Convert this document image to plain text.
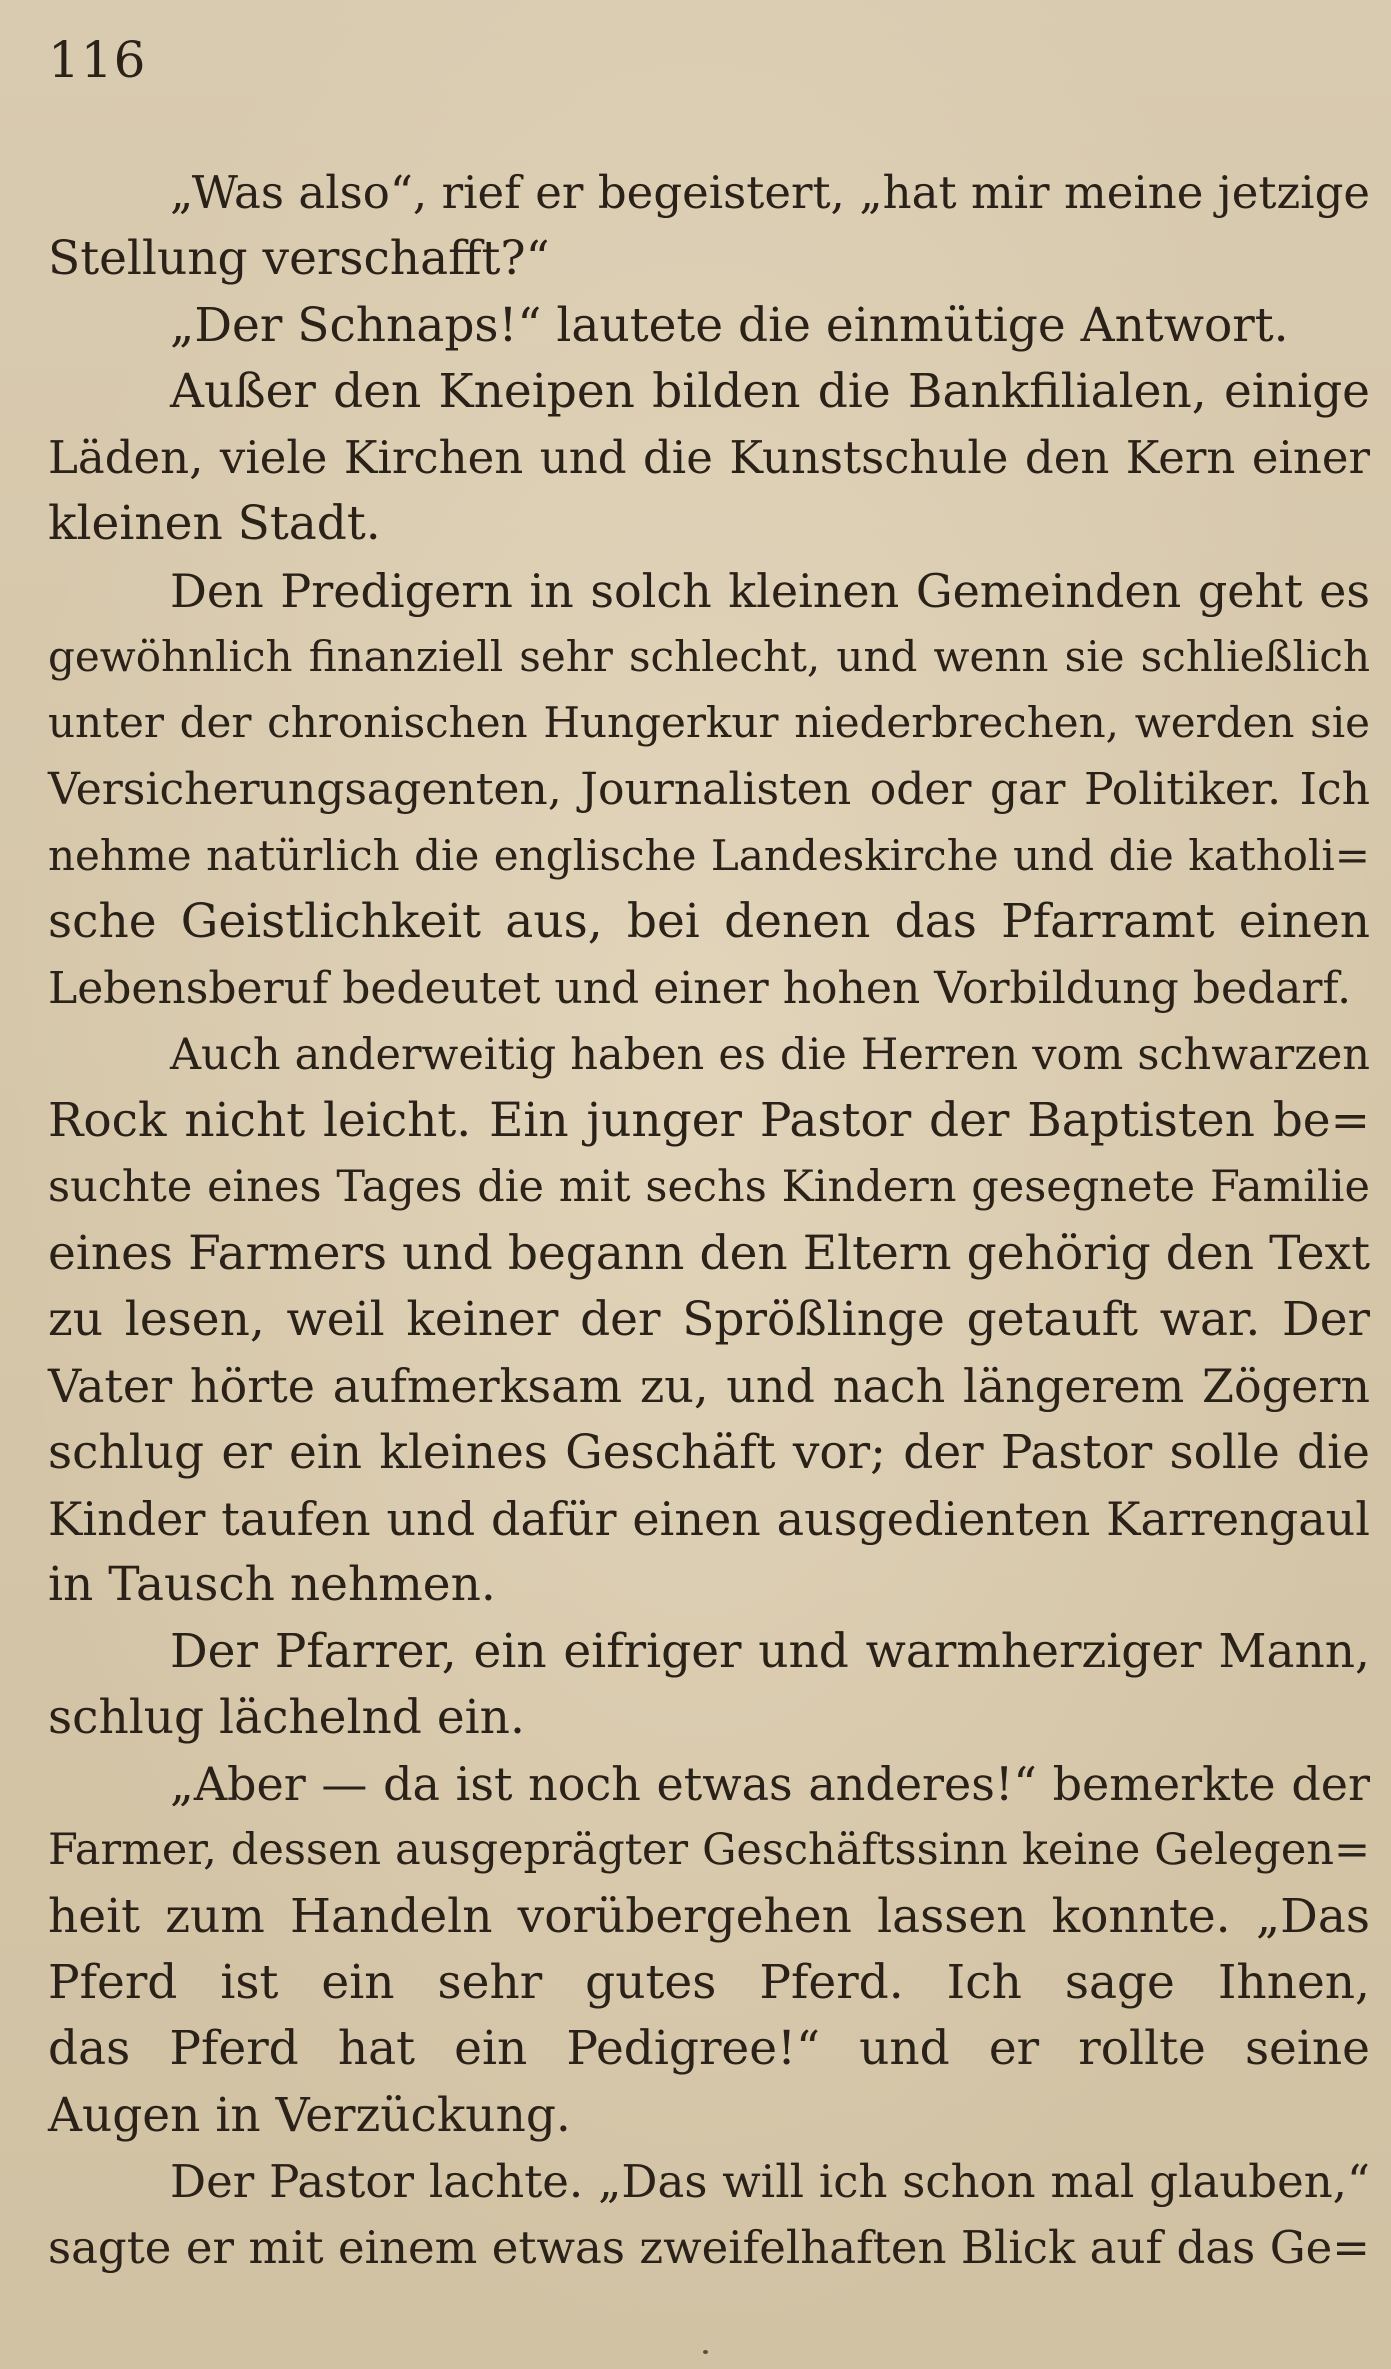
116
„Was also“, rief er begeistert, „hat mir meine jetzige
Stellung verschafft?“
„Der Schnaps!“ lautete die einmütige Antwort.
Außer den Kneipen bilden die Bankfilialen, einige
Läden, viele Kirchen und die Kunstschule den Kern einer
kleinen Stadt.
Den Predigern in solch kleinen Gemeinden geht es
gewöhnlich finanziell sehr schlecht, und wenn sie schließlich
unter der chronischen Hungerkur niederbrechen, werden sie
Versicherungsagenten, Journalisten oder gar Politiker. Ich
nehme natürlich die englische Landeskirche und die katholi=
sche Geistlichkeit aus, bei denen das Pfarramt einen
Lebensberuf bedeutet und einer hohen Vorbildung bedarf.
Auch anderweitig haben es die Herren vom schwarzen
Rock nicht leicht. Ein junger Pastor der Baptisten be=
suchte eines Tages die mit sechs Kindern gesegnete Familie
eines Farmers und begann den Eltern gehörig den Text
zu lesen, weil keiner der Sprößlinge getauft war. Der
Vater hörte aufmerksam zu, und nach längerem Zögern
schlug er ein kleines Geschäft vor; der Pastor solle die
Kinder taufen und dafür einen ausgedienten Karrengaul
in Tausch nehmen.
Der Pfarrer, ein eifriger und warmherziger Mann,
schlug lächelnd ein.
„Aber — da ist noch etwas anderes!“ bemerkte der
Farmer, dessen ausgeprägter Geschäftssinn keine Gelegen=
heit zum Handeln vorübergehen lassen konnte. „Das
Pferd ist ein sehr gutes Pferd. Ich sage Ihnen,
das Pferd hat ein Pedigree!“ und er rollte seine
Augen in Verzückung.
Der Pastor lachte. „Das will ich schon mal glauben,“
sagte er mit einem etwas zweifelhaften Blick auf das Ge=
